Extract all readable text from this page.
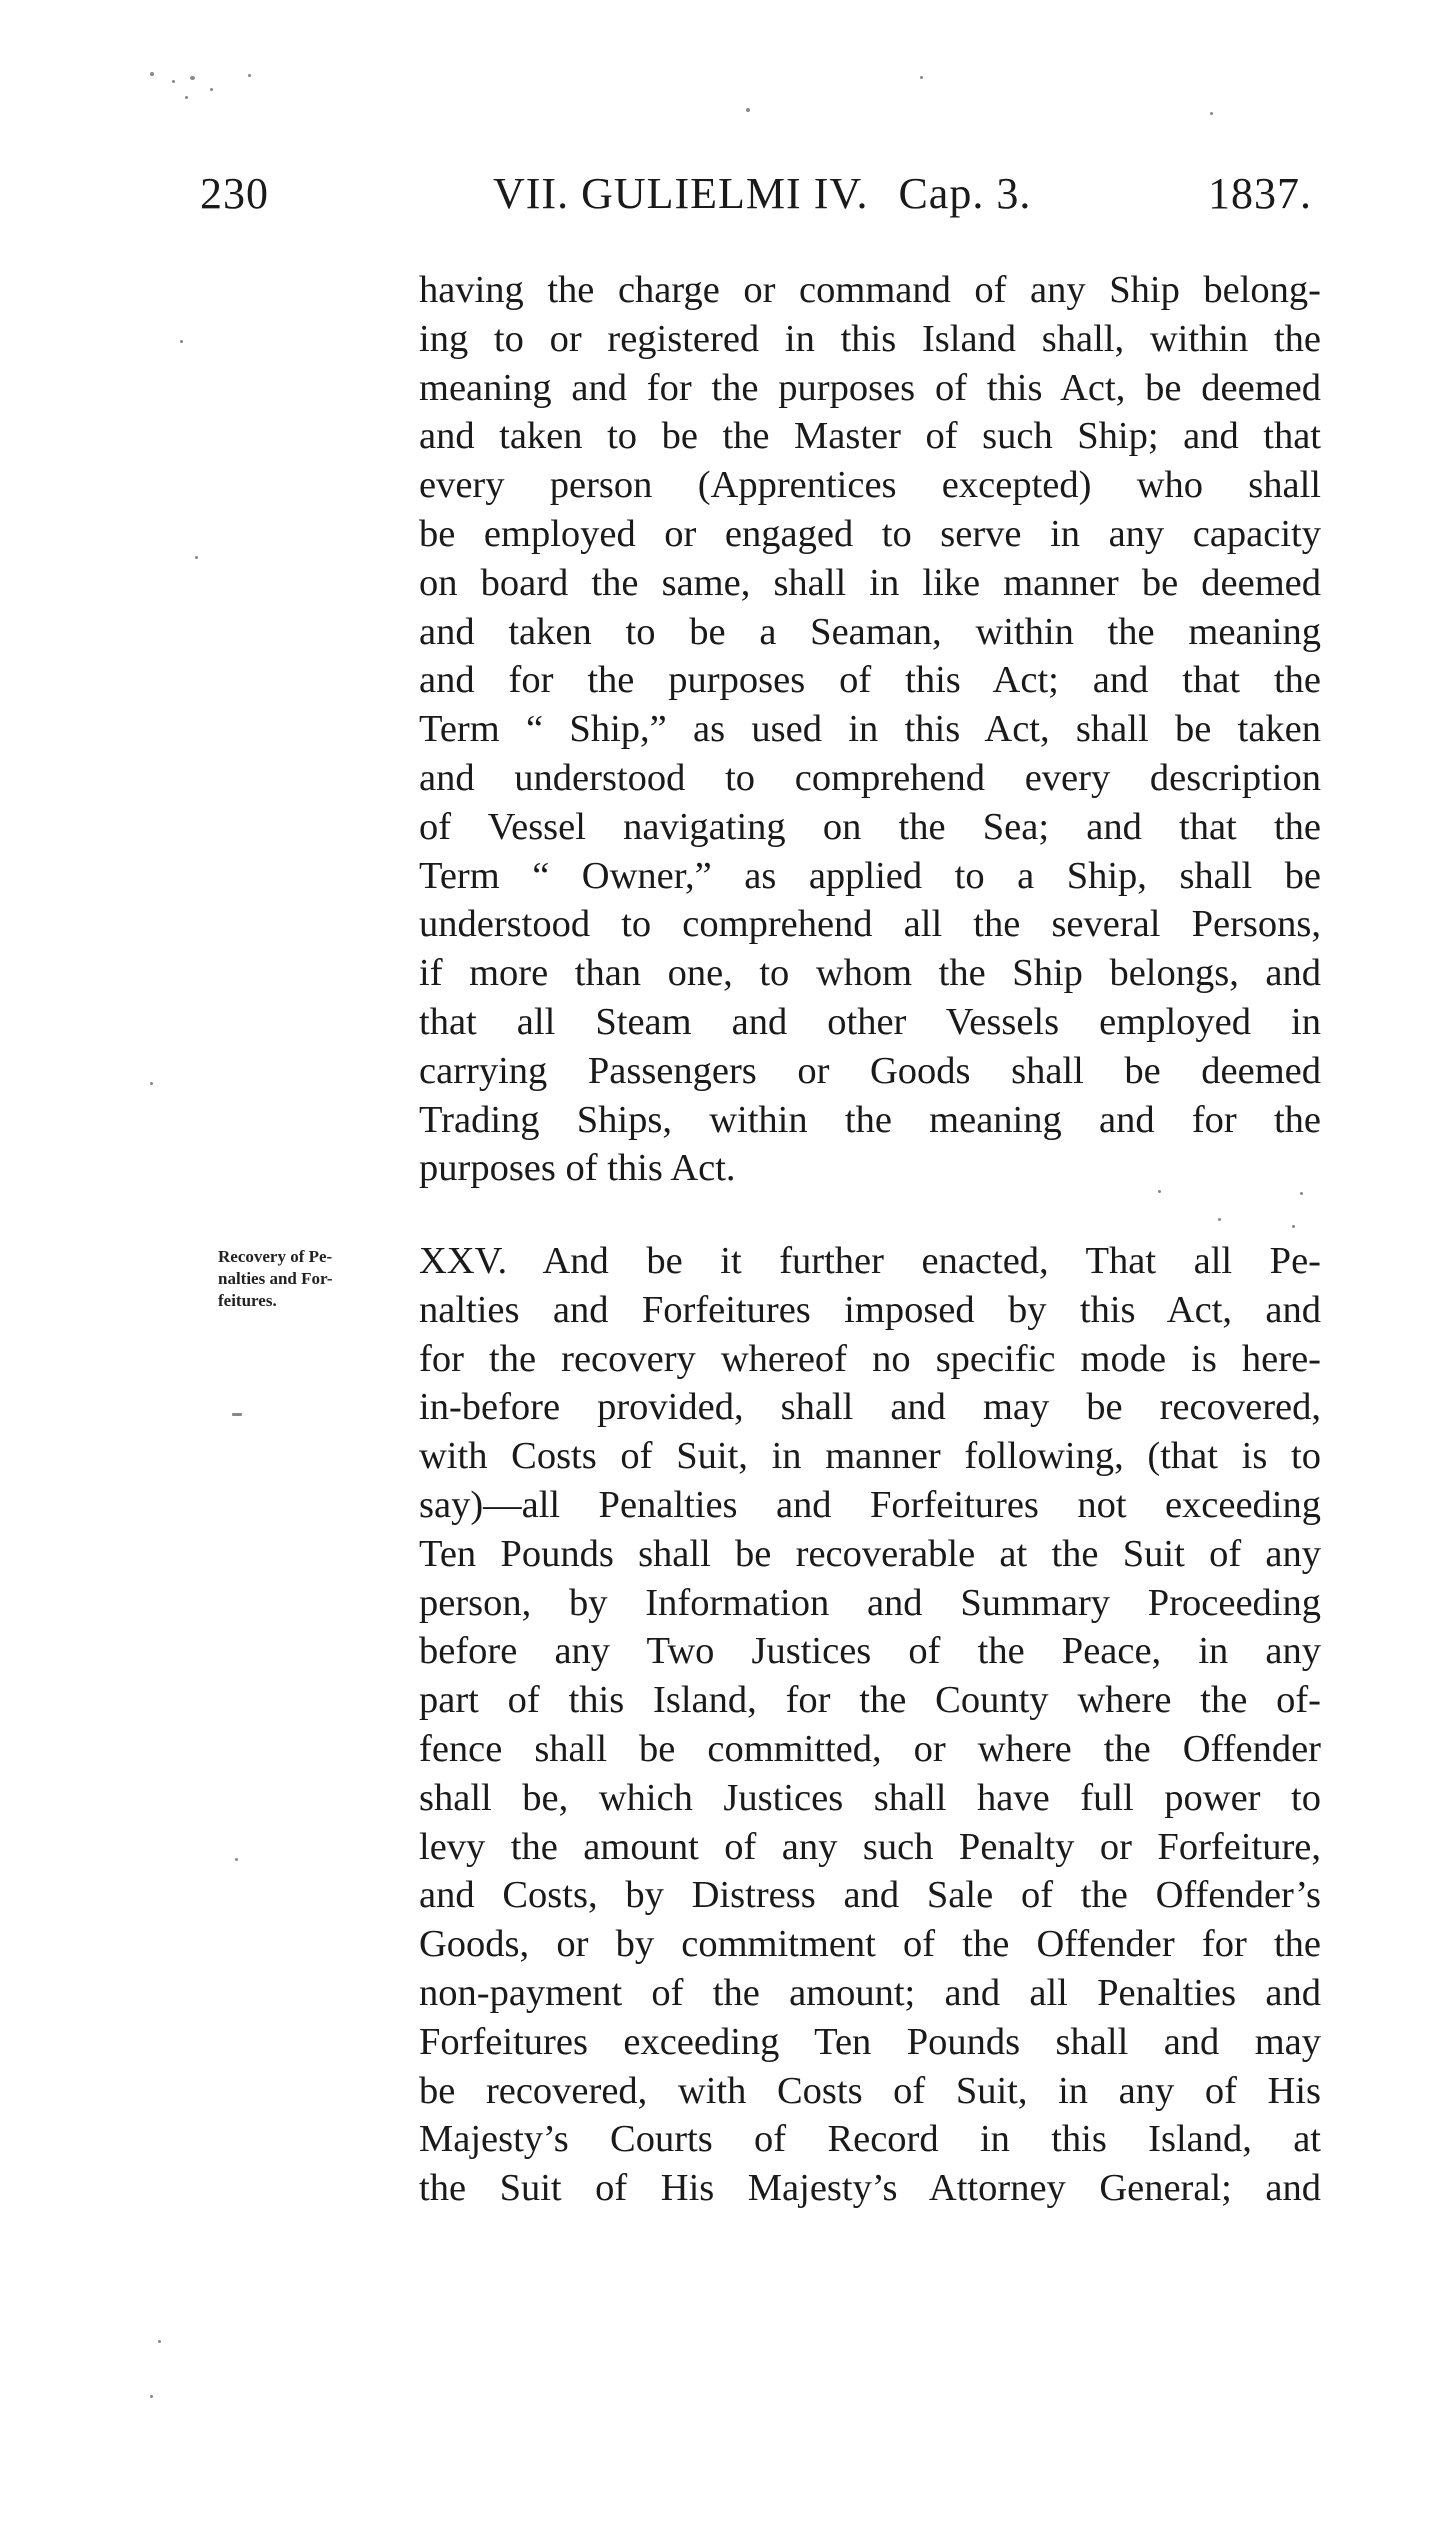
230	VII. GULIELMI IV. Cap. 3.	1837.
having the charge or command of any Ship belong-
ing to or registered in this Island shall, within the
meaning and for the purposes of this Act, be deemed
and taken to be the Master of such Ship; and that
every person (Apprentices excepted) who shall
be employed or engaged to serve in any capacity
on board the same, shall in like manner be deemed
and taken to be a Seaman, within the meaning
and for the purposes of this Act; and that the
Term “ Ship,” as used in this Act, shall be taken
and understood to comprehend every description
of Vessel navigating on the Sea; and that the
Term “ Owner,” as applied to a Ship, shall be
understood to comprehend all the several Persons,
if more than one, to whom the Ship belongs, and
that all Steam and other Vessels employed in
carrying Passengers or Goods shall be deemed
Trading Ships, within the meaning and for the
purposes of this Act.
Recovery of Pe-
nalties and For-
feitures.
XXV. And be it further enacted, That all Pe-
nalties and Forfeitures imposed by this Act, and
for the recovery whereof no specific mode is here-
in-before provided, shall and may be recovered,
with Costs of Suit, in manner following, (that is to
say)—all Penalties and Forfeitures not exceeding
Ten Pounds shall be recoverable at the Suit of any
person, by Information and Summary Proceeding
before any Two Justices of the Peace, in any
part of this Island, for the County where the of-
fence shall be committed, or where the Offender
shall be, which Justices shall have full power to
levy the amount of any such Penalty or Forfeiture,
and Costs, by Distress and Sale of the Offender’s
Goods, or by commitment of the Offender for the
non-payment of the amount; and all Penalties and
Forfeitures exceeding Ten Pounds shall and may
be recovered, with Costs of Suit, in any of His
Majesty’s Courts of Record in this Island, at
the Suit of His Majesty’s Attorney General; and
